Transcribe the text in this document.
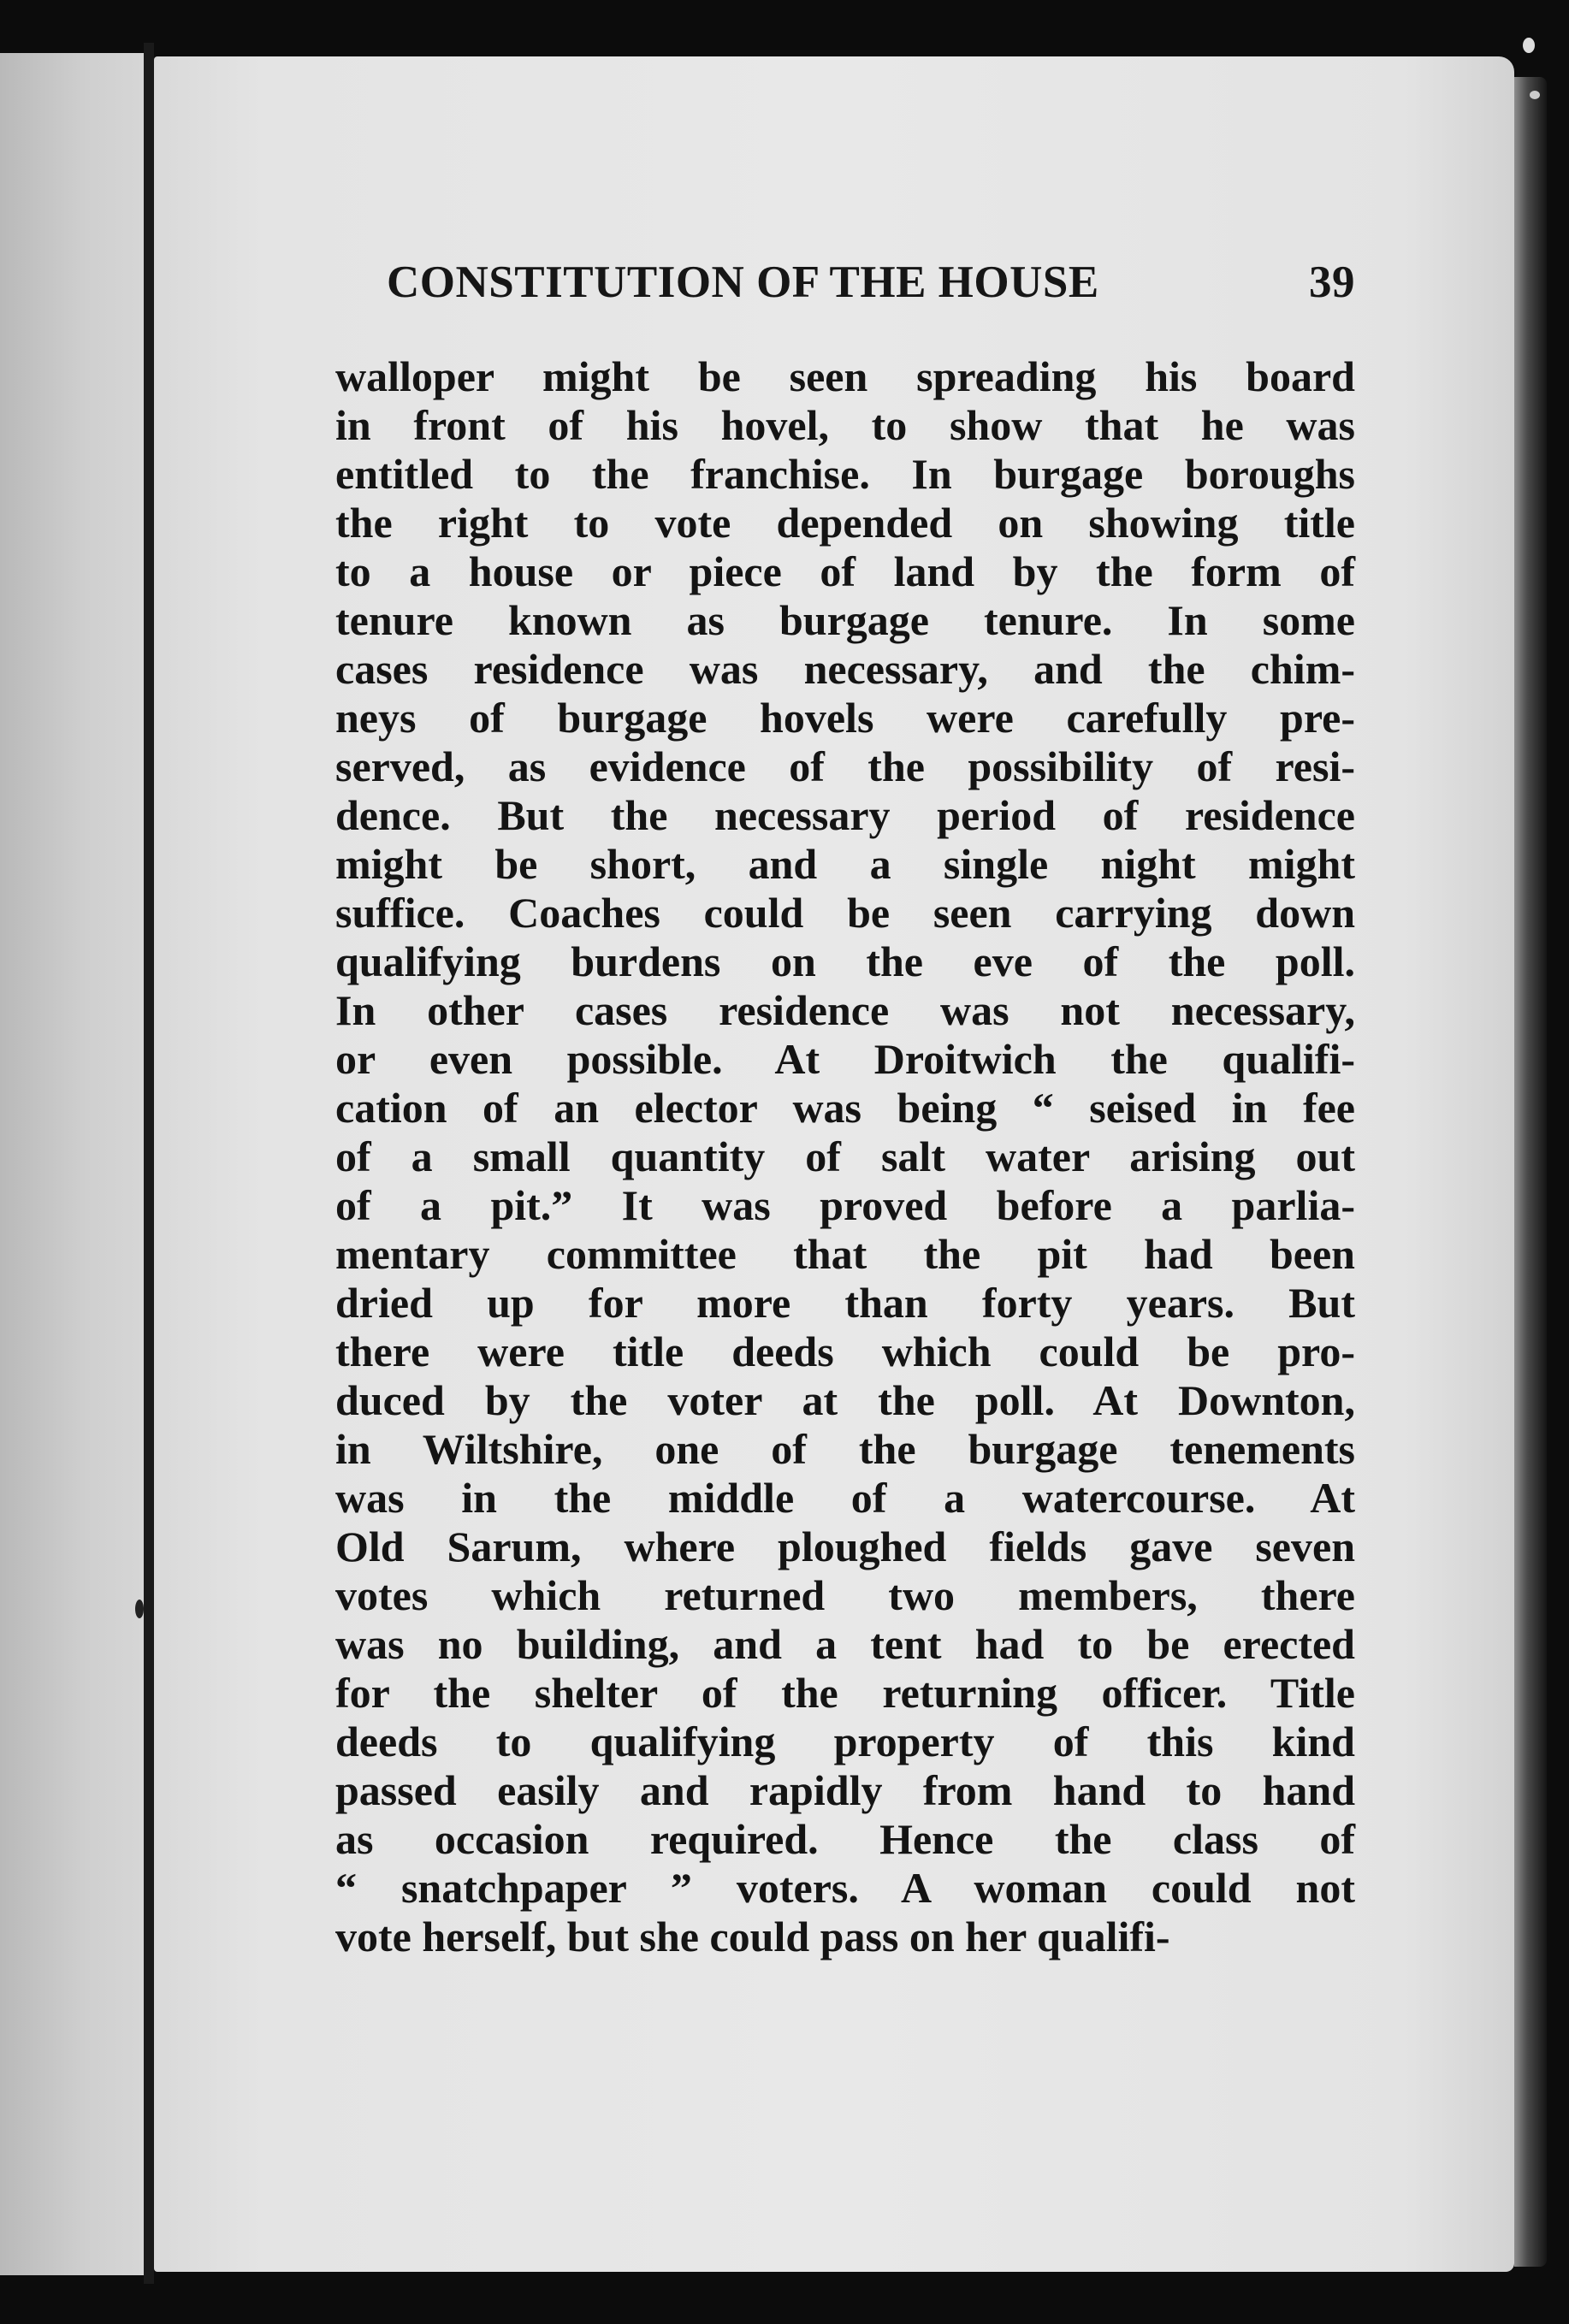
CONSTITUTION OF THE HOUSE	39
walloper might be seen spreading his board
in front of his hovel, to show that he was
entitled to the franchise. In burgage boroughs
the right to vote depended on showing title
to a house or piece of land by the form of
tenure known as burgage tenure. In some
cases residence was necessary, and the chim-
neys of burgage hovels were carefully pre-
served, as evidence of the possibility of resi-
dence. But the necessary period of residence
might be short, and a single night might
suffice. Coaches could be seen carrying down
qualifying burdens on the eve of the poll.
In other cases residence was not necessary,
or even possible. At Droitwich the qualifi-
cation of an elector was being “ seised in fee
of a small quantity of salt water arising out
of a pit.” It was proved before a parlia-
mentary committee that the pit had been
dried up for more than forty years. But
there were title deeds which could be pro-
duced by the voter at the poll. At Downton,
in Wiltshire, one of the burgage tenements
was in the middle of a watercourse. At
Old Sarum, where ploughed fields gave seven
votes which returned two members, there
was no building, and a tent had to be erected
for the shelter of the returning officer. Title
deeds to qualifying property of this kind
passed easily and rapidly from hand to hand
as occasion required. Hence the class of
“ snatchpaper ” voters. A woman could not
vote herself, but she could pass on her qualifi-
